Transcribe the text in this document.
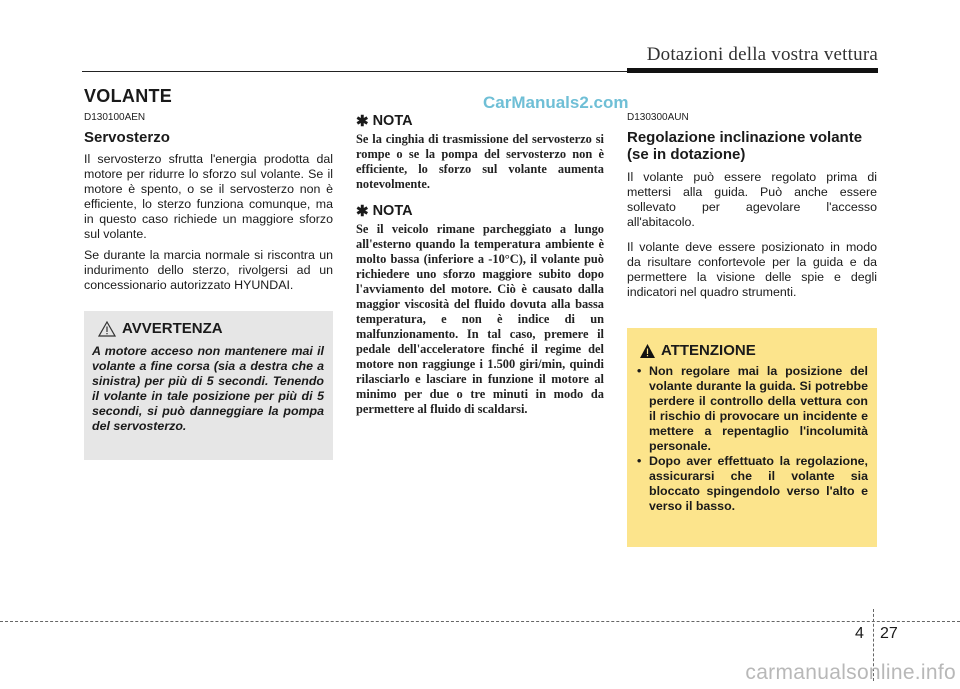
Dotazioni della vostra vettura
VOLANTE	CarManuals2.com
D130100AEN
Servosterzo
Il servosterzo sfrutta l'energia prodotta dal motore per ridurre lo sforzo sul volante. Se il motore è spento, o se il servosterzo non è efficiente, lo sterzo funziona comunque, ma in questo caso richiede un maggiore sforzo sul volante.
Se durante la marcia normale si riscontra un indurimento dello sterzo, rivolgersi ad un concessionario autorizzato HYUNDAI.
AVVERTENZA
A motore acceso non mantenere mai il volante a fine corsa (sia a destra che a sinistra) per più di 5 secondi. Tenendo il volante in tale posizione per più di 5 secondi, si può danneggiare la pompa del servosterzo.
✱ NOTA
Se la cinghia di trasmissione del servosterzo si rompe o se la pompa del servosterzo non è efficiente, lo sforzo sul volante aumenta notevolmente.
✱ NOTA
Se il veicolo rimane parcheggiato a lungo all'esterno quando la temperatura ambiente è molto bassa (inferiore a -10°C), il volante può richiedere uno sforzo maggiore subito dopo l'avviamento del motore. Ciò è causato dalla maggior viscosità del fluido dovuta alla bassa temperatura, e non è indice di un malfunzionamento. In tal caso, premere il pedale dell'acceleratore finché il regime del motore non raggiunge i 1.500 giri/min, quindi rilasciarlo e lasciare in funzione il motore al minimo per due o tre minuti in modo da permettere al fluido di scaldarsi.
D130300AUN
Regolazione inclinazione volante (se in dotazione)
Il volante può essere regolato prima di mettersi alla guida. Può anche essere sollevato per agevolare l'accesso all'abitacolo.
Il volante deve essere posizionato in modo da risultare confortevole per la guida e da permettere la visione delle spie e degli indicatori nel quadro strumenti.
ATTENZIONE
• Non regolare mai la posizione del volante durante la guida. Si potrebbe perdere il controllo della vettura con il rischio di provocare un incidente e mettere a repentaglio l'incolumità personale.
• Dopo aver effettuato la regolazione, assicurarsi che il volante sia bloccato spingendolo verso l'alto e verso il basso.
4 27
carmanualsonline.info
